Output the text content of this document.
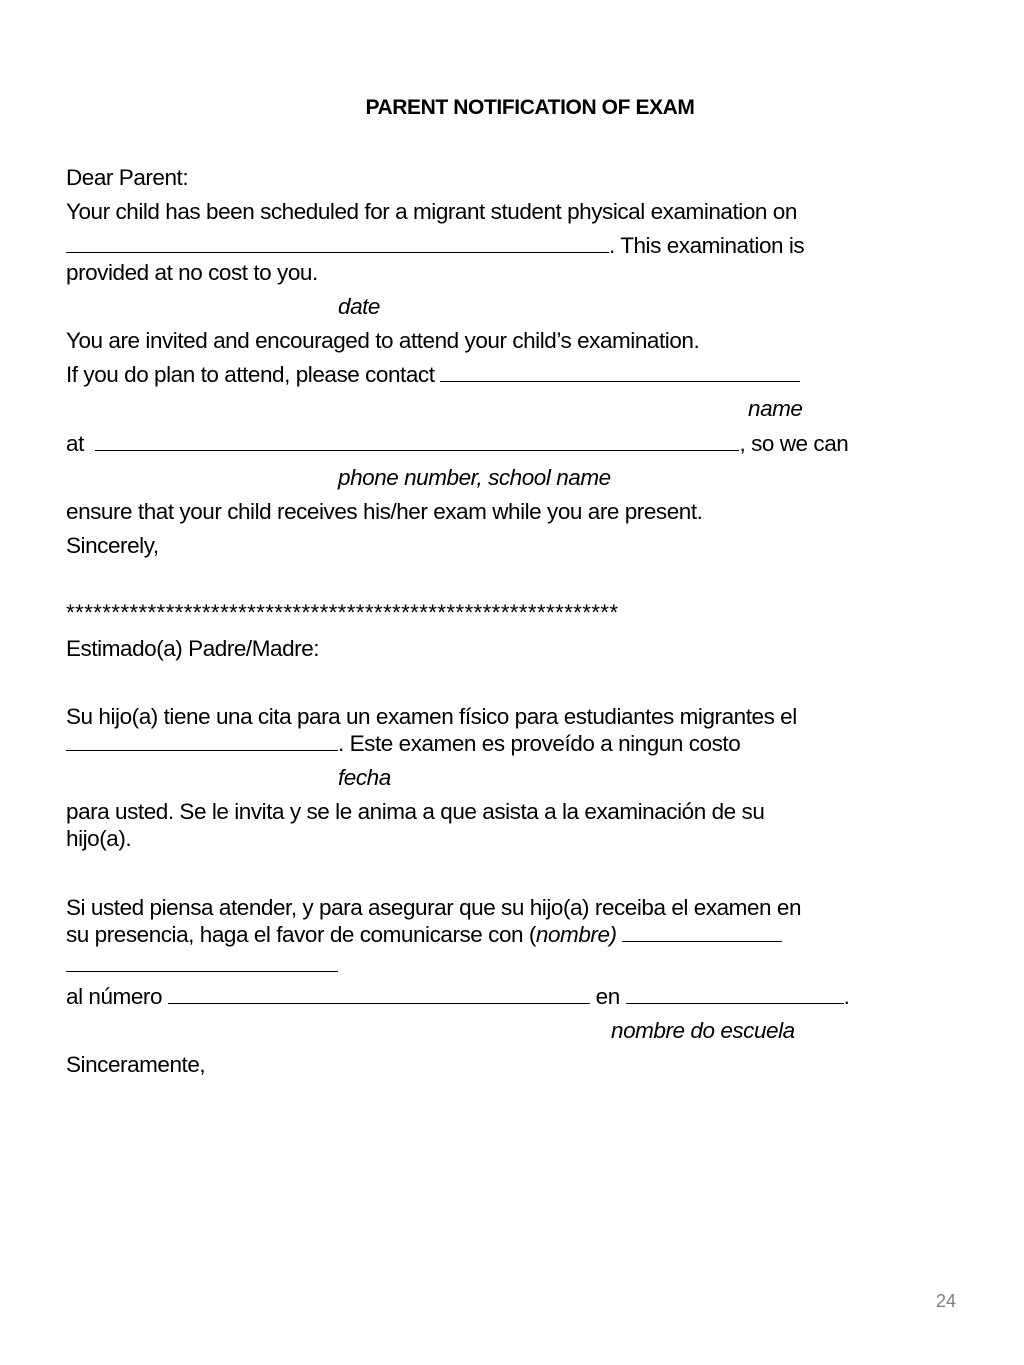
PARENT NOTIFICATION OF EXAM
Dear Parent:
Your child has been scheduled for a migrant student physical examination on
. This examination is
provided at no cost to you.
date
You are invited and encouraged to attend your child’s examination.
If you do plan to attend, please contact
name
at	, so we can
phone number, school name
ensure that your child receives his/her exam while you are present.
Sincerely,
*************************************************************
Estimado(a) Padre/Madre:
Su hijo(a) tiene una cita para un examen físico para estudiantes migrantes el
. Este examen es proveído a ningun costo
fecha
para usted. Se le invita y se le anima a que asista a la examinación de su
hijo(a).
Si usted piensa atender, y para asegurar que su hijo(a) receiba el examen en
su presencia, haga el favor de comunicarse con (nombre)
al número	en	.
nombre do escuela
Sinceramente,
24
